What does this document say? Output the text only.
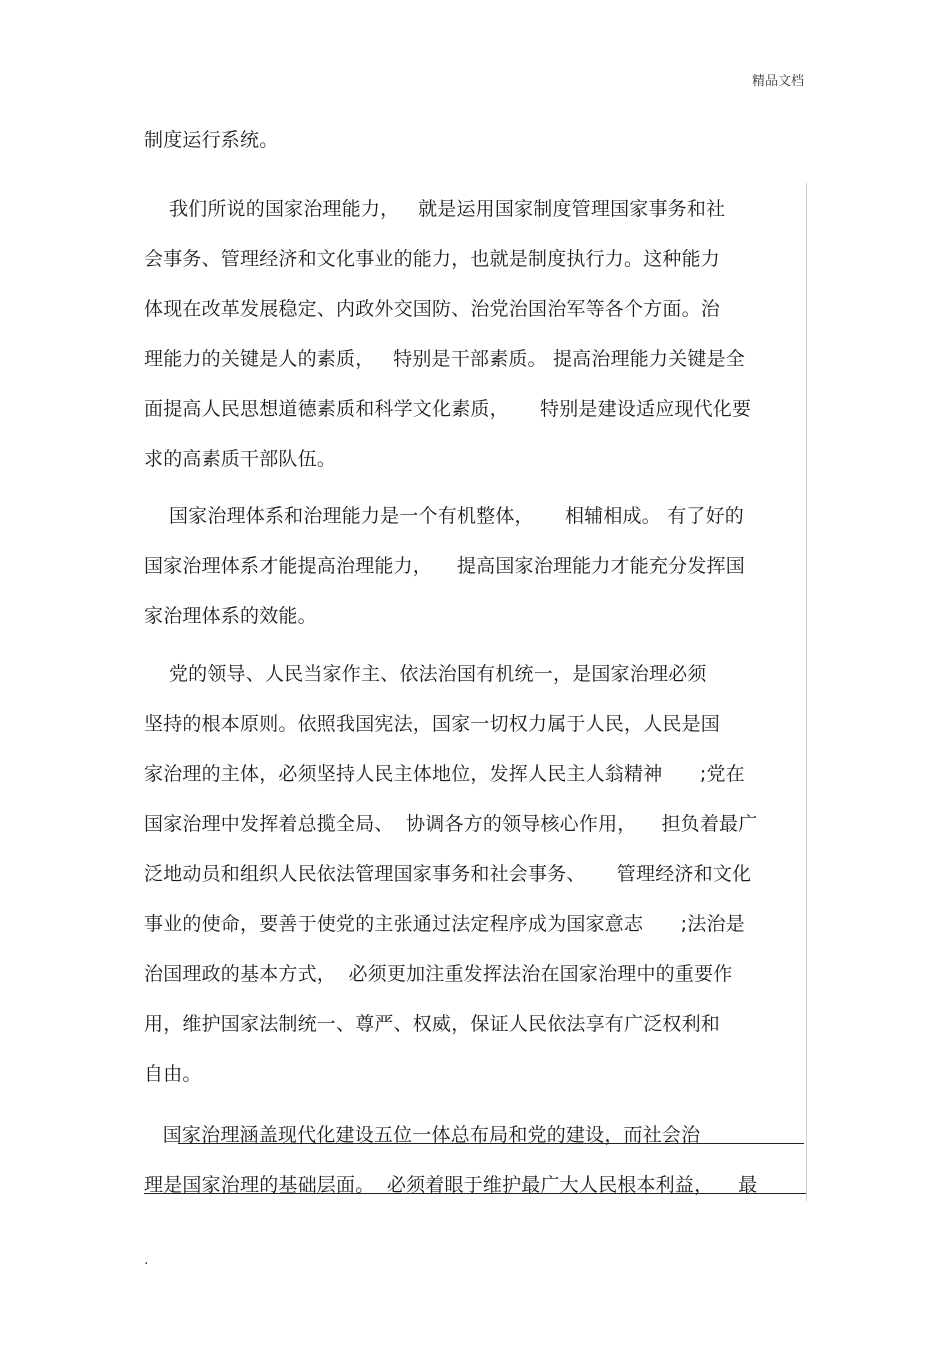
精品文档
制度运行系统。
我们所说的国家治理能力，   就是运用国家制度管理国家事务和社
会事务、管理经济和文化事业的能力，也就是制度执行力。这种能力
体现在改革发展稳定、内政外交国防、治党治国治军等各个方面。治
理能力的关键是人的素质，   特别是干部素质。 提高治理能力关键是全
面提高人民思想道德素质和科学文化素质，     特别是建设适应现代化要
求的高素质干部队伍。
国家治理体系和治理能力是一个有机整体，     相辅相成。 有了好的
国家治理体系才能提高治理能力，    提高国家治理能力才能充分发挥国
家治理体系的效能。
党的领导、人民当家作主、依法治国有机统一，是国家治理必须
坚持的根本原则。依照我国宪法，国家一切权力属于人民，人民是国
家治理的主体，必须坚持人民主体地位，发挥人民主人翁精神      ;党在
国家治理中发挥着总揽全局、  协调各方的领导核心作用，    担负着最广
泛地动员和组织人民依法管理国家事务和社会事务、     管理经济和文化
事业的使命，要善于使党的主张通过法定程序成为国家意志      ;法治是
治国理政的基本方式，  必须更加注重发挥法治在国家治理中的重要作
用，维护国家法制统一、尊严、权威，保证人民依法享有广泛权利和
自由。
国家治理涵盖现代化建设五位一体总布局和党的建设，而社会治
理是国家治理的基础层面。  必须着眼于维护最广大人民根本利益，    最
.
